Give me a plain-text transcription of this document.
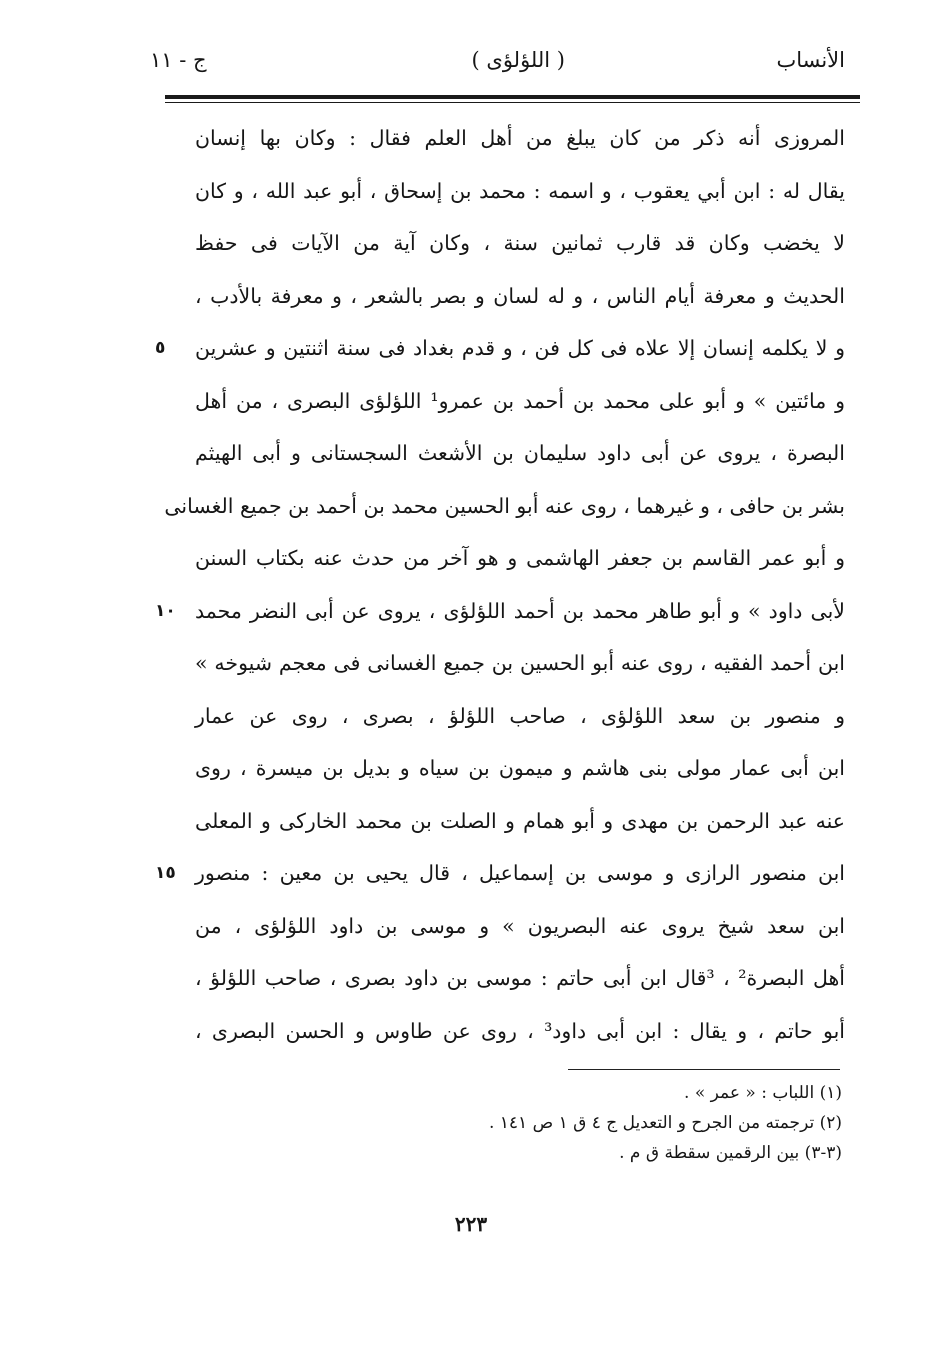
الأنساب
( اللؤلؤى )
ج - ١١
المروزى أنه ذكر من كان يبلغ من أهل العلم فقال : وكان بها إنسان
يقال له : ابن أبي يعقوب ، و اسمه : محمد بن إسحاق ، أبو عبد الله ، و كان
لا يخضب وكان قد قارب ثمانين سنة ، وكان آية من الآيات فى حفظ
الحديث و معرفة أيام الناس ، و له لسان و بصر بالشعر ، و معرفة بالأدب ،
و لا يكلمه إنسان إلا علاه فى كل فن ، و قدم بغداد فى سنة اثنتين و عشرين
٥
و مائتين » و أبو على محمد بن أحمد بن عمرو¹ اللؤلؤى البصرى ، من أهل
البصرة ، يروى عن أبى داود سليمان بن الأشعث السجستانى و أبى الهيثم
بشر بن حافى ، و غيرهما ، روى عنه أبو الحسين محمد بن أحمد بن جميع الغسانى
و أبو عمر القاسم بن جعفر الهاشمى و هو آخر من حدث عنه بكتاب السنن
لأبى داود » و أبو طاهر محمد بن أحمد اللؤلؤى ، يروى عن أبى النضر محمد
١٠
ابن أحمد الفقيه ، روى عنه أبو الحسين بن جميع الغسانى فى معجم شيوخه »
و منصور بن سعد اللؤلؤى ، صاحب اللؤلؤ ، بصرى ، روى عن عمار
ابن أبى عمار مولى بنى هاشم و ميمون بن سياه و بديل بن ميسرة ، روى
عنه عبد الرحمن بن مهدى و أبو همام و الصلت بن محمد الخاركى و المعلى
ابن منصور الرازى و موسى بن إسماعيل ، قال يحيى بن معين : منصور
١٥
ابن سعد شيخ يروى عنه البصريون » و موسى بن داود اللؤلؤى ، من
أهل البصرة² ، ³قال ابن أبى حاتم : موسى بن داود بصرى ، صاحب اللؤلؤ ،
أبو حاتم ، و يقال : ابن أبى داود³ ، روى عن طاوس و الحسن البصرى ،
(١) اللباب : « عمر » .
(٢) ترجمته من الجرح و التعديل ج ٤ ق ١ ص ١٤١ .
(٣-٣) بين الرقمين سقطة ق م .
٢٢٣
